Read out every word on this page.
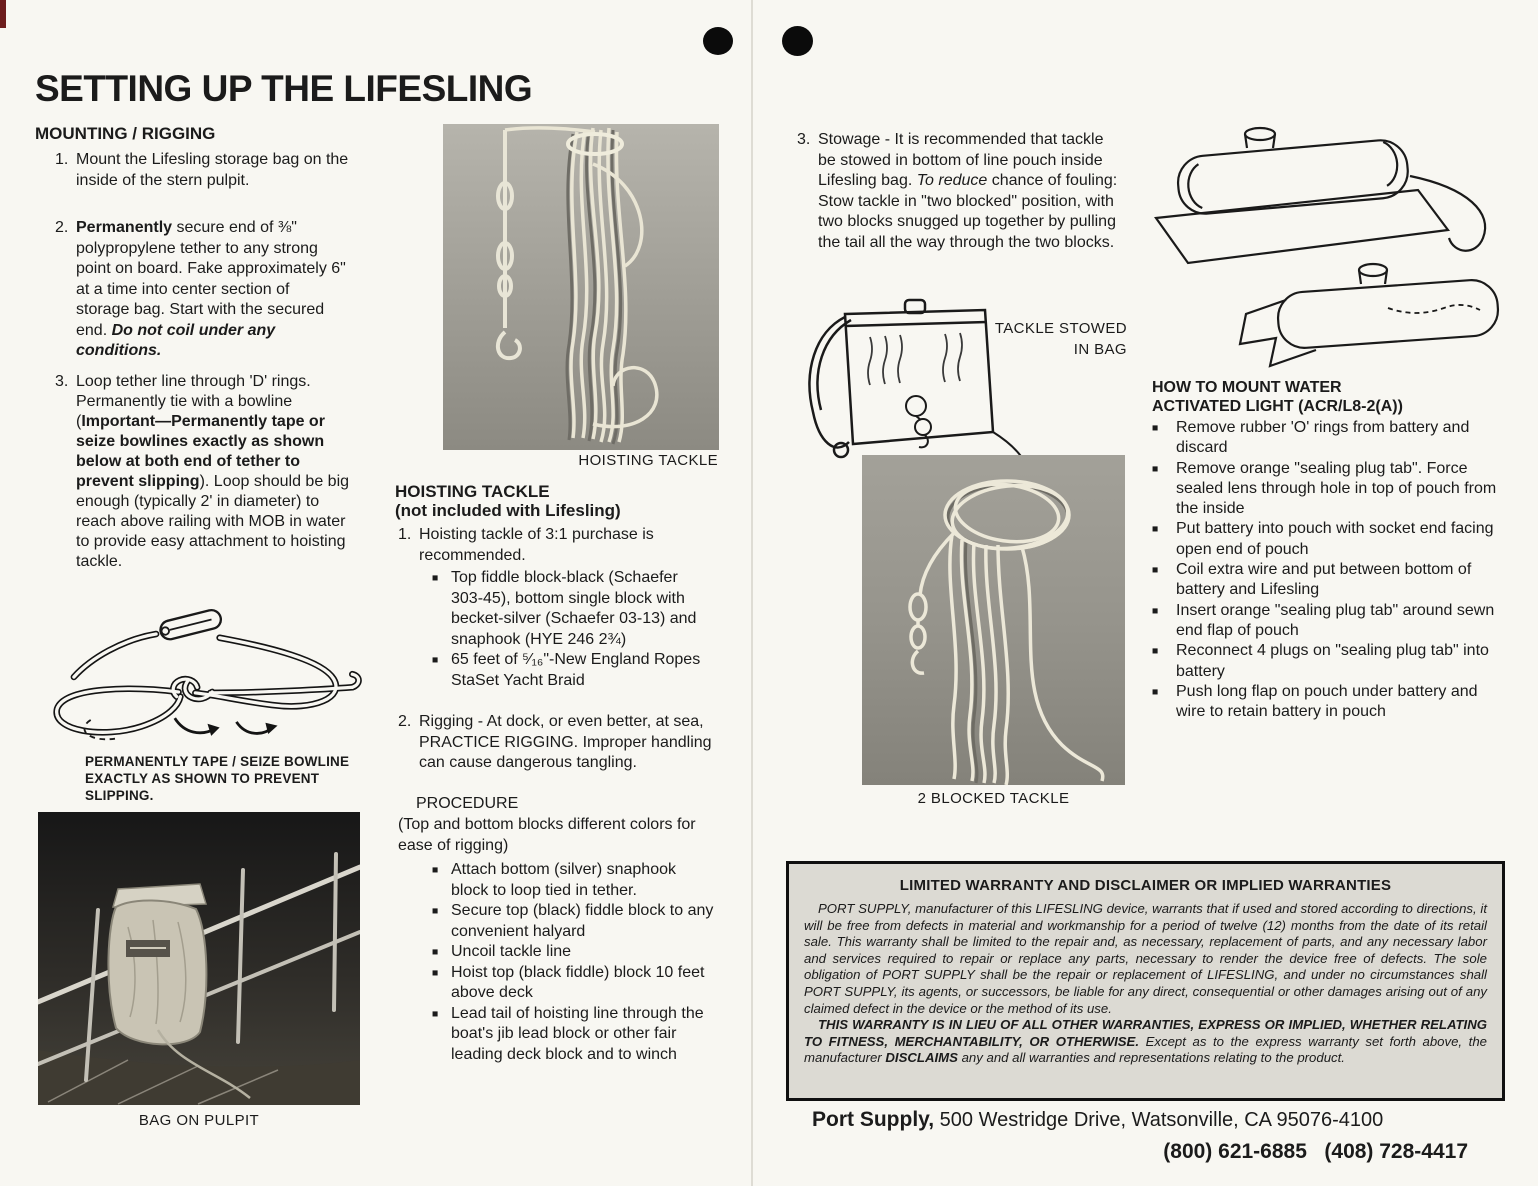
SETTING UP THE LIFESLING
MOUNTING / RIGGING
1. Mount the Lifesling storage bag on the inside of the stern pulpit.
2. Permanently secure end of ⅜" polypropylene tether to any strong point on board. Fake approximately 6" at a time into center section of storage bag. Start with the secured end. Do not coil under any conditions.
3. Loop tether line through 'D' rings. Permanently tie with a bowline (Important—Permanently tape or seize bowlines exactly as shown below at both end of tether to prevent slipping). Loop should be big enough (typically 2' in diameter) to reach above railing with MOB in water to provide easy attachment to hoisting tackle.
PERMANENTLY TAPE / SEIZE BOWLINE EXACTLY AS SHOWN TO PREVENT SLIPPING.
BAG ON PULPIT
HOISTING TACKLE
HOISTING TACKLE
(not included with Lifesling)
1. Hoisting tackle of 3:1 purchase is recommended.
■ Top fiddle block-black (Schaefer 303-45), bottom single block with becket-silver (Schaefer 03-13) and snaphook (HYE 246 2¾)
■ 65 feet of ⁵⁄₁₆"-New England Ropes StaSet Yacht Braid
2. Rigging - At dock, or even better, at sea, PRACTICE RIGGING. Improper handling can cause dangerous tangling.
PROCEDURE
(Top and bottom blocks different colors for ease of rigging)
■ Attach bottom (silver) snaphook block to loop tied in tether.
■ Secure top (black) fiddle block to any convenient halyard
■ Uncoil tackle line
■ Hoist top (black fiddle) block 10 feet above deck
■ Lead tail of hoisting line through the boat's jib lead block or other fair leading deck block and to winch
3. Stowage - It is recommended that tackle be stowed in bottom of line pouch inside Lifesling bag. To reduce chance of fouling: Stow tackle in "two blocked" position, with two blocks snugged up together by pulling the tail all the way through the two blocks.
TACKLE STOWED
IN BAG
2 BLOCKED TACKLE
HOW TO MOUNT WATER
ACTIVATED LIGHT (ACR/L8-2(A))
■	Remove rubber 'O' rings from battery and discard
■	Remove orange "sealing plug tab". Force sealed lens through hole in top of pouch from the inside
■	Put battery into pouch with socket end facing open end of pouch
■	Coil extra wire and put between bottom of battery and Lifesling
■	Insert orange "sealing plug tab" around sewn end flap of pouch
■	Reconnect 4 plugs on "sealing plug tab" into battery
■	Push long flap on pouch under battery and wire to retain battery in pouch
LIMITED WARRANTY AND DISCLAIMER OR IMPLIED WARRANTIES

PORT SUPPLY, manufacturer of this LIFESLING device, warrants that if used and stored according to directions, it will be free from defects in material and workmanship for a period of twelve (12) months from the date of its retail sale. This warranty shall be limited to the repair and, as necessary, replacement of parts, and any necessary labor and services required to repair or replace any parts, necessary to render the device free of defects. The sole obligation of PORT SUPPLY shall be the repair or replacement of LIFESLING, and under no circumstances shall PORT SUPPLY, its agents, or successors, be liable for any direct, consequential or other damages arising out of any claimed defect in the device or the method of its use.

THIS WARRANTY IS IN LIEU OF ALL OTHER WARRANTIES, EXPRESS OR IMPLIED, WHETHER RELATING TO FITNESS, MERCHANTABILITY, OR OTHERWISE. Except as to the express warranty set forth above, the manufacturer DISCLAIMS any and all warranties and representations relating to the product.

Port Supply, 500 Westridge Drive, Watsonville, CA 95076-4100
(800) 621-6885   (408) 728-4417
